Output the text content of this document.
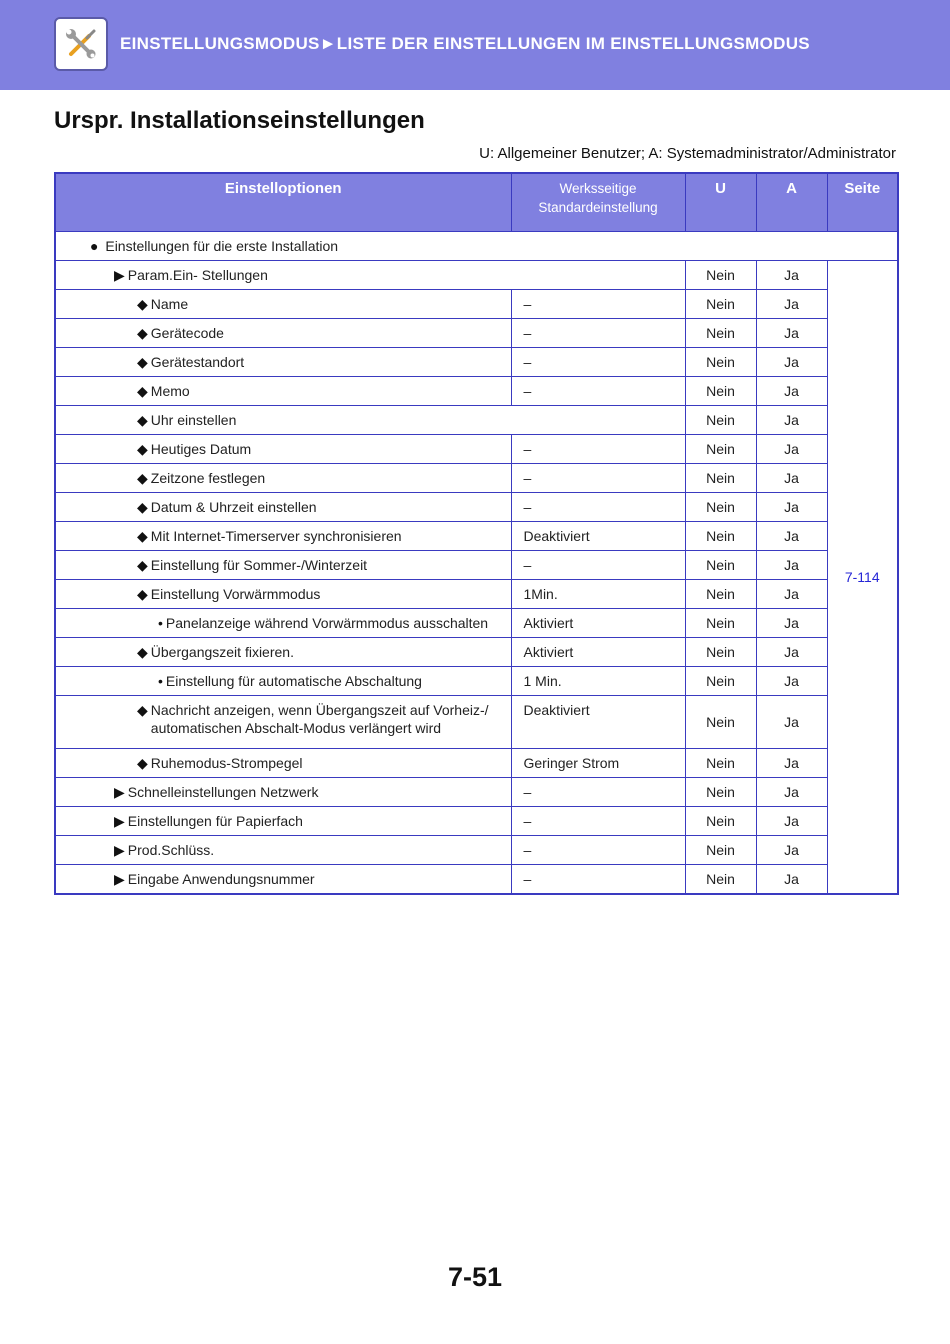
EINSTELLUNGSMODUS►LISTE DER EINSTELLUNGEN IM EINSTELLUNGSMODUS
Urspr. Installationseinstellungen
U: Allgemeiner Benutzer; A: Systemadministrator/Administrator
Einstelloptionen	Werksseitige
Standardeinstellung	U	A	Seite
● Einstellungen für die erste Installation				
▶ Param.Ein- Stellungen		Nein	Ja	7-114
◆ Name	–	Nein	Ja	
◆ Gerätecode	–	Nein	Ja	
◆ Gerätestandort	–	Nein	Ja	
◆ Memo	–	Nein	Ja	
◆ Uhr einstellen		Nein	Ja	
◆ Heutiges Datum	–	Nein	Ja	
◆ Zeitzone festlegen	–	Nein	Ja	
◆ Datum & Uhrzeit einstellen	–	Nein	Ja	
◆ Mit Internet-Timerserver synchronisieren	Deaktiviert	Nein	Ja	
◆ Einstellung für Sommer-/Winterzeit	–	Nein	Ja	
◆ Einstellung Vorwärmmodus	1Min.	Nein	Ja	
• Panelanzeige während Vorwärmmodus ausschalten	Aktiviert	Nein	Ja	
◆ Übergangszeit fixieren.	Aktiviert	Nein	Ja	
• Einstellung für automatische Abschaltung	1 Min.	Nein	Ja	
◆ Nachricht anzeigen, wenn Übergangszeit auf Vorheiz-/
automatischen Abschalt-Modus verlängert wird	Deaktiviert	Nein	Ja	
◆ Ruhemodus-Strompegel	Geringer Strom	Nein	Ja	
▶ Schnelleinstellungen Netzwerk	–	Nein	Ja	
▶ Einstellungen für Papierfach	–	Nein	Ja	
▶ Prod.Schlüss.	–	Nein	Ja	
▶ Eingabe Anwendungsnummer	–	Nein	Ja	
7-51
